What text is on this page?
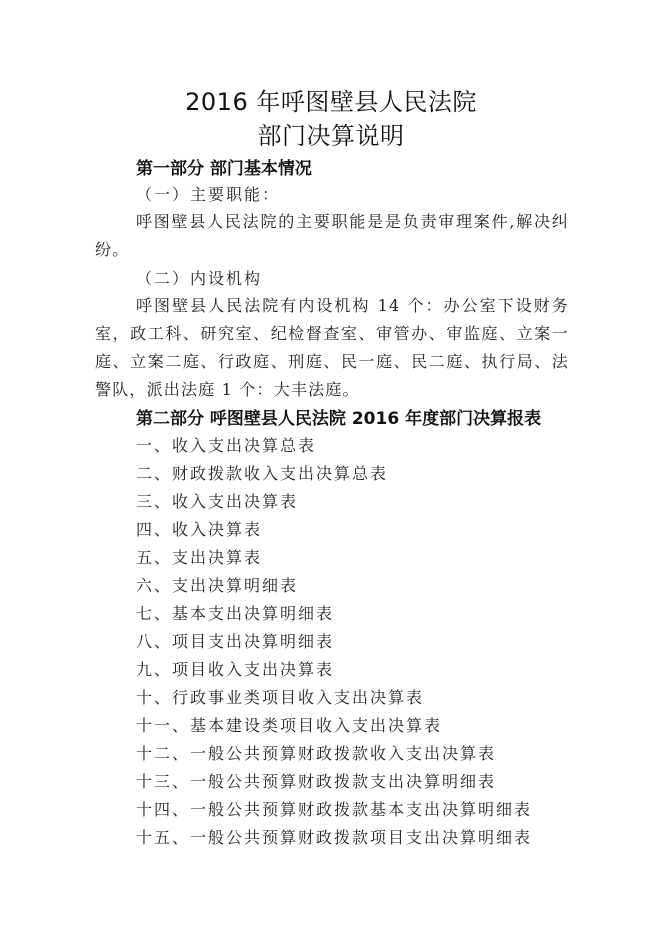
2016 年呼图壁县人民法院
部门决算说明
第一部分 部门基本情况
（一）主要职能：
呼图壁县人民法院的主要职能是是负责审理案件,解决纠纷。
（二）内设机构
呼图壁县人民法院有内设机构 14 个：办公室下设财务室，政工科、研究室、纪检督查室、审管办、审监庭、立案一庭、立案二庭、行政庭、刑庭、民一庭、民二庭、执行局、法警队，派出法庭 1 个：大丰法庭。
第二部分 呼图壁县人民法院 2016 年度部门决算报表
一、收入支出决算总表
二、财政拨款收入支出决算总表
三、收入支出决算表
四、收入决算表
五、支出决算表
六、支出决算明细表
七、基本支出决算明细表
八、项目支出决算明细表
九、项目收入支出决算表
十、行政事业类项目收入支出决算表
十一、基本建设类项目收入支出决算表
十二、一般公共预算财政拨款收入支出决算表
十三、一般公共预算财政拨款支出决算明细表
十四、一般公共预算财政拨款基本支出决算明细表
十五、一般公共预算财政拨款项目支出决算明细表
